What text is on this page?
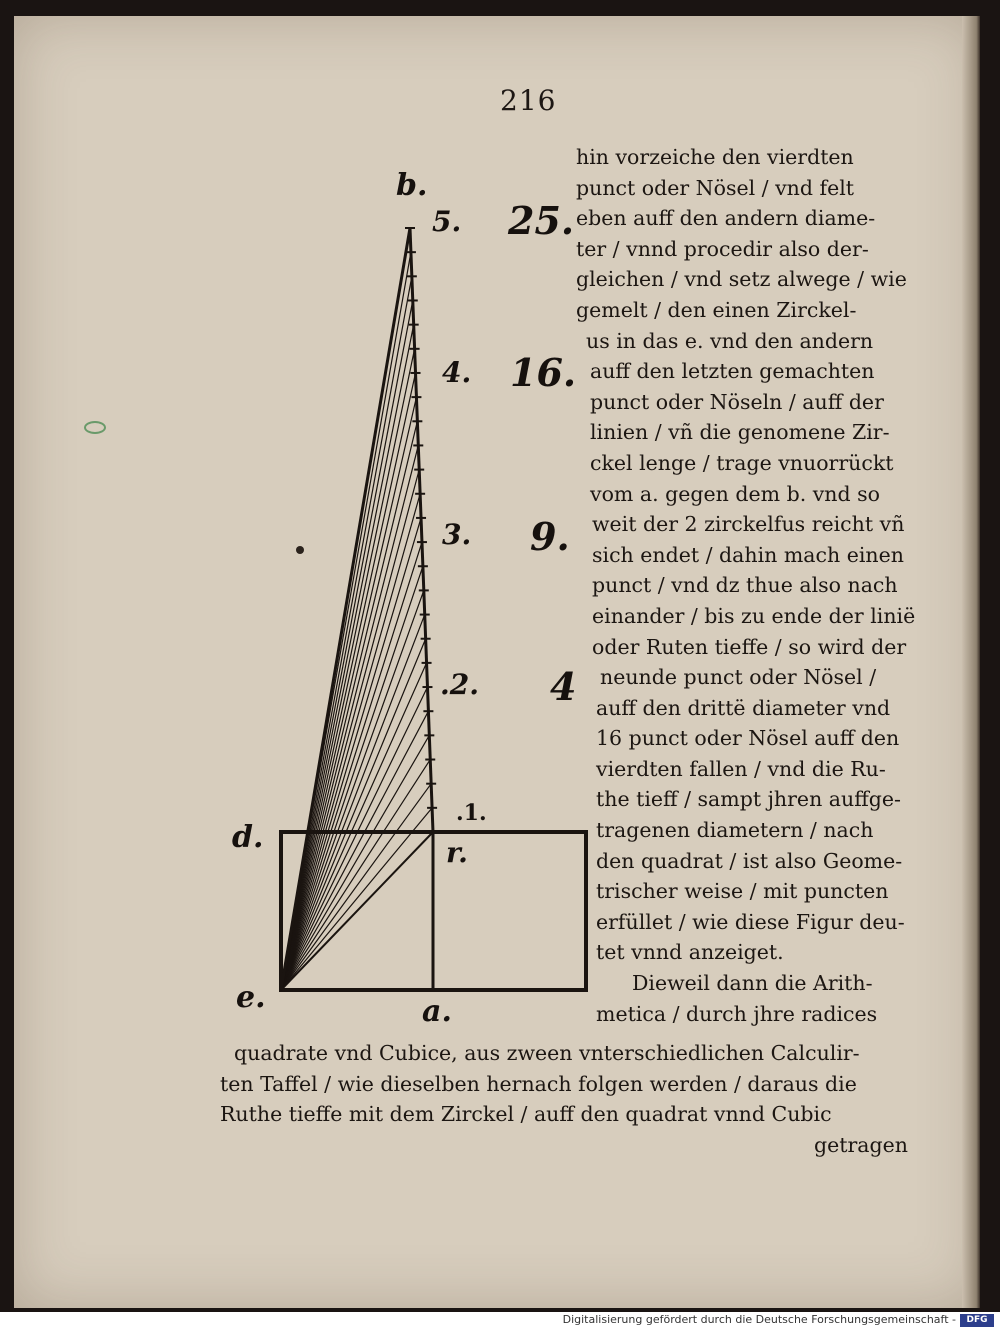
216
b.
5. 25.
4. 16.
3. 9.
.2. 4
.1.
d.	r.
e.	a.
hin vorzeiche den vierdten
punct oder Nösel / vnd felt
eben auff den andern diame-
ter / vnnd procedir also der-
gleichen / vnd setz alwege / wie
gemelt / den einen Zirckel-
us in das e. vnd den andern
auff den letzten gemachten
punct oder Nöseln / auff der
linien / vñ die genomene Zir-
ckel lenge / trage vnuorrückt
vom a. gegen dem b. vnd so
weit der 2 zirckelfus reicht vñ
sich endet / dahin mach einen
punct / vnd dz thue also nach
einander / bis zu ende der linië
oder Ruten tieffe / so wird der
neunde punct oder Nösel /
auff den drittë diameter vnd
16 punct oder Nösel auff den
vierdten fallen / vnd die Ru-
the tieff / sampt jhren auffge-
tragenen diametern / nach
den quadrat / ist also Geome-
trischer weise / mit puncten
erfüllet / wie diese Figur deu-
tet vnnd anzeiget.
Dieweil dann die Arith-
metica / durch jhre radices
quadrate vnd Cubice, aus zween vnterschiedlichen Calculir-
ten Taffel / wie dieselben hernach folgen werden / daraus die
Ruthe tieffe mit dem Zirckel / auff den quadrat vnnd Cubic
getragen
Digitalisierung gefördert durch die Deutsche Forschungsgemeinschaft -	DFG
